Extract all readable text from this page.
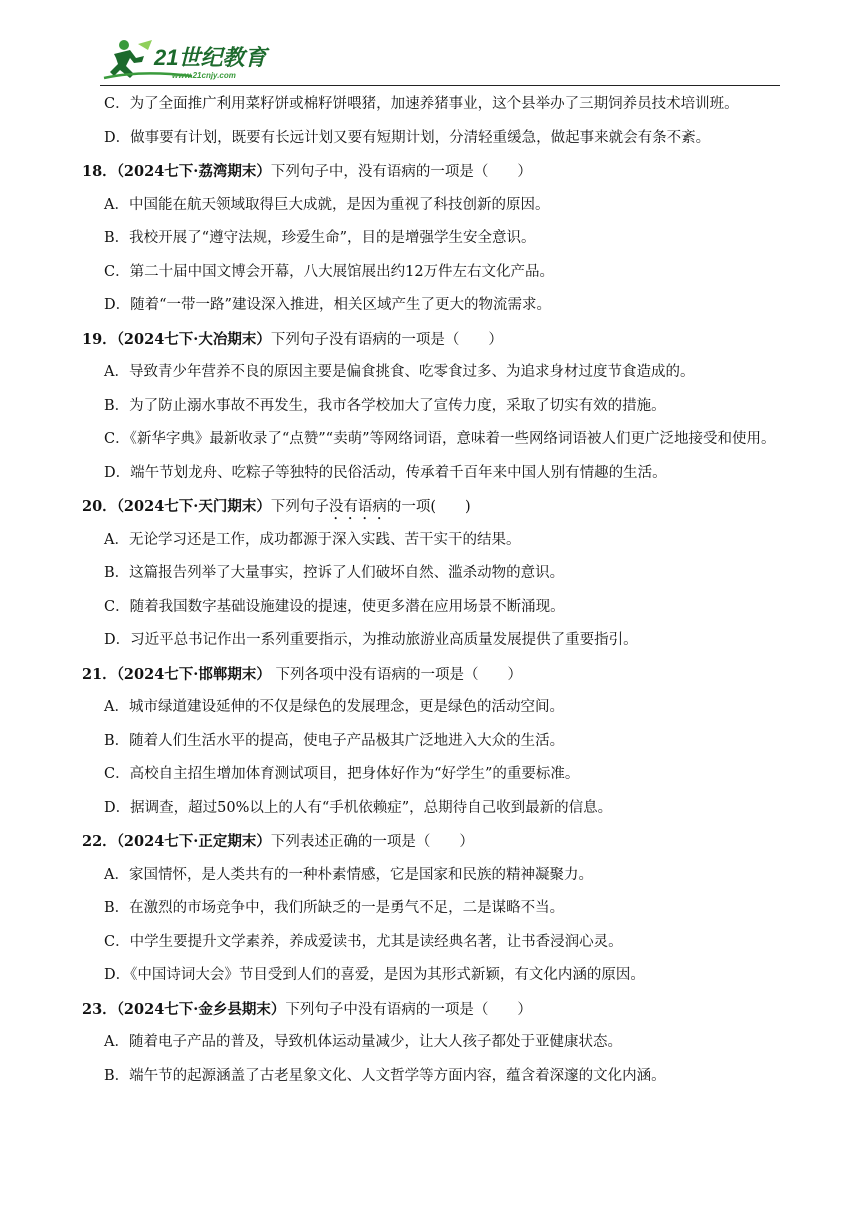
21世纪教育
www.21cnjy.com
C．为了全面推广利用菜籽饼或棉籽饼喂猪，加速养猪事业，这个县举办了三期饲养员技术培训班。
D．做事要有计划，既要有长远计划又要有短期计划，分清轻重缓急，做起事来就会有条不紊。
18．（2024七下·荔湾期末）下列句子中，没有语病的一项是（　　）
A．中国能在航天领域取得巨大成就，是因为重视了科技创新的原因。
B．我校开展了“遵守法规，珍爱生命”，目的是增强学生安全意识。
C．第二十届中国文博会开幕，八大展馆展出约12万件左右文化产品。
D．随着“一带一路”建设深入推进，相关区域产生了更大的物流需求。
19．（2024七下·大冶期末）下列句子没有语病的一项是（　　）
A．导致青少年营养不良的原因主要是偏食挑食、吃零食过多、为追求身材过度节食造成的。
B．为了防止溺水事故不再发生，我市各学校加大了宣传力度，采取了切实有效的措施。
C．《新华字典》最新收录了“点赞”“卖萌”等网络词语，意味着一些网络词语被人们更广泛地接受和使用。
D．端午节划龙舟、吃粽子等独特的民俗活动，传承着千百年来中国人别有情趣的生活。
20．（2024七下·天门期末）下列句子没有语病的一项(　　)
A．无论学习还是工作，成功都源于深入实践、苦干实干的结果。
B．这篇报告列举了大量事实，控诉了人们破坏自然、滥杀动物的意识。
C．随着我国数字基础设施建设的提速，使更多潜在应用场景不断涌现。
D．习近平总书记作出一系列重要指示，为推动旅游业高质量发展提供了重要指引。
21．（2024七下·邯郸期末） 下列各项中没有语病的一项是（　　）
A．城市绿道建设延伸的不仅是绿色的发展理念，更是绿色的活动空间。
B．随着人们生活水平的提高，使电子产品极其广泛地进入大众的生活。
C．高校自主招生增加体育测试项目，把身体好作为“好学生”的重要标准。
D．据调查，超过50%以上的人有“手机依赖症”，总期待自己收到最新的信息。
22．（2024七下·正定期末）下列表述正确的一项是（　　）
A．家国情怀，是人类共有的一种朴素情感，它是国家和民族的精神凝聚力。
B．在激烈的市场竞争中，我们所缺乏的一是勇气不足，二是谋略不当。
C．中学生要提升文学素养，养成爱读书，尤其是读经典名著，让书香浸润心灵。
D．《中国诗词大会》节目受到人们的喜爱，是因为其形式新颖，有文化内涵的原因。
23．（2024七下·金乡县期末）下列句子中没有语病的一项是（　　）
A．随着电子产品的普及，导致机体运动量减少，让大人孩子都处于亚健康状态。
B．端午节的起源涵盖了古老星象文化、人文哲学等方面内容，蕴含着深邃的文化内涵。
